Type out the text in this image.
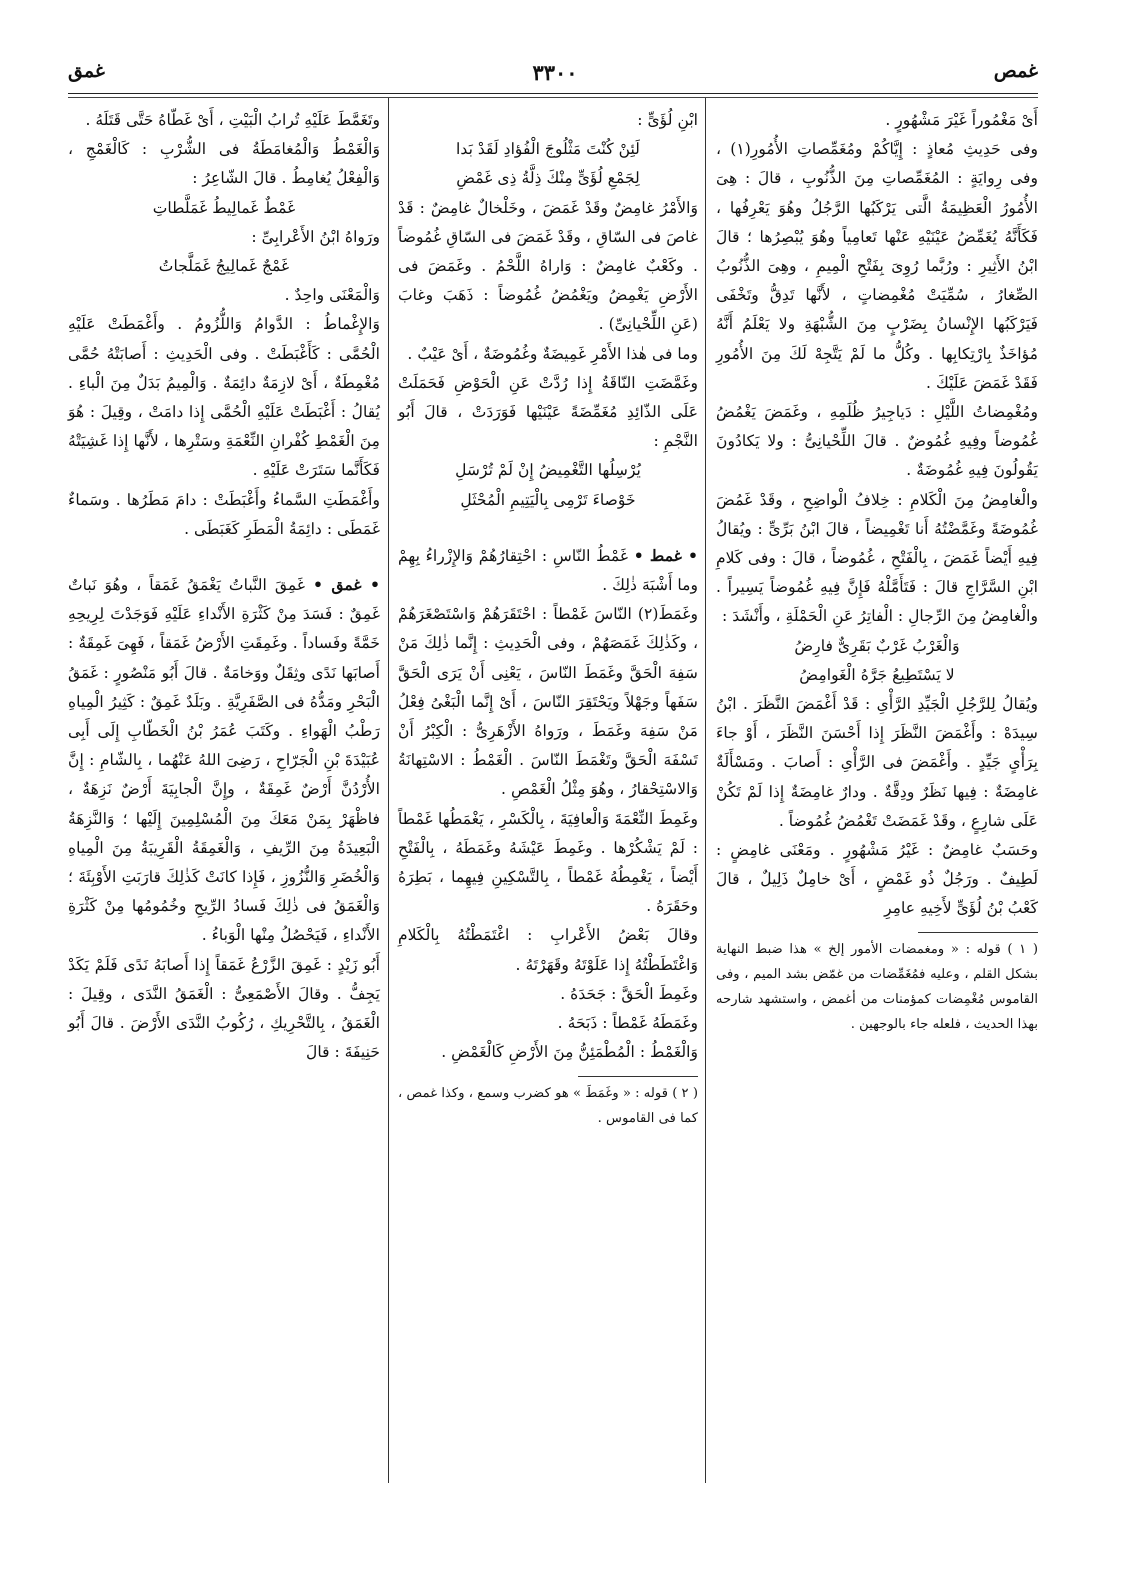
غمص
٣٣٠٠
غمق

أَىْ مَغْمُوراً غَيْرَ مَشْهُورٍ .

وفى حَدِيثِ مُعاذٍ : إِيَّاكُمْ ومُغَمِّصاتِ الأُمُورِ(١) ، وفى رِوايَةٍ : المُغَمِّصاتِ مِنَ الذُّنُوبِ ، قالَ : هِىَ الأُمُورُ الْعَظِيمَةُ الَّتى يَرْكَبُها الرَّجُلُ وهُوَ يَعْرِفُها ، فَكَأَنَّهُ يُغَمِّضُ عَيْنَيْهِ عَنْها تَعامِياً وهُوَ يُبْصِرُها ؛ قالَ ابْنُ الأَثِيرِ : ورُبَّما رُوِىَ بِفَتْحِ الْمِيمِ ، وهِىَ الذُّنُوبُ الصِّغارُ ، سُمِّيَتْ مُغْمِضاتٍ ، لأَنَّها تَدِقُّ وتَخْفَى فَيَرْكَبُها الإِنْسانُ بِضَرْبٍ مِنَ الشُّبْهَةِ ولا يَعْلَمُ أَنَّهُ مُؤاخَذٌ بِارْتِكابِها . وكُلُّ ما لَمْ يَتَّجِهْ لَكَ مِنَ الأُمُورِ فَقَدْ غَمَضَ عَلَيْكَ .

ومُغْمِضاتُ اللَّيْلِ : دَياجِيرُ ظُلَمِهِ ، وغَمَضَ يَغْمُضُ غُمُوضاً وفِيهِ غُمُوضٌ . قالَ اللِّحْيانِىُّ : ولا يَكادُونَ يَقُولُونَ فِيهِ غُمُوضَةٌ .

والْغامِضُ مِنَ الْكَلامِ : خِلافُ الْواضِحِ ، وقَدْ غَمُضَ غُمُوضَةً وغَمَّضْتُهُ أَنا تَغْمِيضاً ، قالَ ابْنُ بَرِّىٍّ : ويُقالُ فِيهِ أَيْضاً غَمَضَ ، بِالْفَتْحِ ، غُمُوضاً ، قالَ : وفى كَلامِ ابْنِ السَّرَّاجِ قالَ : فَتَأَمَّلْهُ فَإِنَّ فِيهِ غُمُوضاً يَسِيراً . والْغامِضُ مِنَ الرِّجالِ : الْفاتِرُ عَنِ الْحَمْلَةِ ، وأَنْشَدَ :

وَالْغَرْبُ غَرْبٌ بَقَرِىٌّ فارِضُ

لا يَسْتَطِيعُ جَرَّهُ الْغَوامِضُ

ويُقالُ لِلرَّجُلِ الْجَيِّدِ الرَّأْىِ : قَدْ أَغْمَضَ النَّظَرَ . ابْنُ سِيدَهْ : وأَغْمَضَ النَّظَرَ إِذا أَحْسَنَ النَّظَرَ ، أَوْ جاءَ بِرَأْىٍ جَيِّدٍ . وأَغْمَضَ فى الرَّأْىِ : أَصابَ . ومَسْأَلَةٌ غامِضَةٌ : فِيها نَظَرٌ ودِقَّةٌ . ودارٌ غامِضَةٌ إِذا لَمْ تَكُنْ عَلَى شارِعٍ ، وقَدْ غَمَضَتْ تَغْمُضُ غُمُوضاً .

وحَسَبٌ غامِضٌ : غَيْرُ مَشْهُورٍ . ومَعْنَى غامِضٍ : لَطِيفٌ . ورَجُلٌ ذُو غَمْضٍ ، أَىْ خامِلٌ ذَلِيلٌ ، قالَ كَعْبُ بْنُ لُؤَىٍّ لأَخِيهِ عامِرِ

( ١ ) قوله : « ومغمضات الأمور إلخ » هذا ضبط النهاية بشكل القلم ، وعليه فمُغَمِّضات من غمّض بشد الميم ، وفى القاموس مُغْمِضات كمؤمنات من أغمض ، واستشهد شارحه بهذا الحديث ، فلعله جاء بالوجهين .

ابْنِ لُؤَىٍّ :

لَئِنْ كُنْتَ مَثْلُوجَ الْفُؤادِ لَقَدْ بَدا

لِجَمْعِ لُؤَىٍّ مِنْكَ ذِلَّةُ ذِى غَمْضِ

وَالأَمْرُ غامِضٌ وقَدْ غَمَضَ ، وخَلْخالٌ غامِضٌ : قَدْ غاصَ فى السّاقِ ، وقَدْ غَمَضَ فى السّاقِ غُمُوضاً . وكَعْبٌ غامِضٌ : وَاراهُ اللَّحْمُ . وغَمَضَ فى الأَرْضِ يَغْمِضُ ويَغْمُضُ غُمُوضاً : ذَهَبَ وغابَ (عَنِ اللِّحْيانِىِّ) .

وما فى هٰذا الأَمْرِ غَمِيضَةٌ وغُمُوضَةٌ ، أَىْ عَيْبٌ .

وغَمَّضَتِ النّاقَةُ إِذا رُدَّتْ عَنِ الْحَوْضِ فَحَمَلَتْ عَلَى الذّائِدِ مُغَمِّضَةً عَيْنَيْها فَوَرَدَتْ ، قالَ أَبُو النَّجْمِ :

يُرْسِلُها التَّغْمِيضُ إِنْ لَمْ تُرْسَلِ

خَوْصاءَ تَرْمِى بِالْيَتِيمِ الْمُحْثَلِ

• غمط • غَمْطُ النّاسِ : احْتِقارُهُمْ وَالإِزْراءُ بِهِمْ وما أَشْبَهَ ذٰلِكَ .

وغَمَطَ(٢) النّاسَ غَمْطاً : احْتَقَرَهُمْ وَاسْتَصْغَرَهُمْ ، وكَذٰلِكَ غَمَصَهُمْ ، وفى الْحَدِيثِ : إِنَّما ذٰلِكَ مَنْ سَفِهَ الْحَقَّ وغَمَطَ النّاسَ ، يَعْنِى أَنْ يَرَى الْحَقَّ سَفَهاً وجَهْلاً ويَحْتَقِرَ النّاسَ ، أَىْ إِنَّما الْبَغْىُ فِعْلُ مَنْ سَفِهَ وغَمَطَ ، ورَواهُ الأَزْهَرِىُّ : الْكِبْرُ أَنْ تَسْفَهَ الْحَقَّ وتَغْمَطَ النّاسَ . الْغَمْطُ : الاسْتِهانَةُ وَالاسْتِحْقارُ ، وهُوَ مِثْلُ الْغَمْصِ .

وغَمِطَ النِّعْمَةَ وَالْعافِيَةَ ، بِالْكَسْرِ ، يَغْمَطُها غَمْطاً : لَمْ يَشْكُرْها . وغَمِطَ عَيْشَهُ وغَمَطَهُ ، بِالْفَتْحِ أَيْضاً ، يَغْمِطُهُ غَمْطاً ، بِالتَّسْكِينِ فِيهِما ، بَطِرَهُ وحَقَرَهُ .

وقالَ بَعْضُ الأَعْرابِ : اغْتَمَطْتُهُ بِالْكَلامِ وَاغْتَطَطْتُهُ إِذا عَلَوْتَهُ وقَهَرْتَهُ .

وغَمِطَ الْحَقَّ : جَحَدَهُ .

وغَمَطَهُ غَمْطاً : ذَبَحَهُ .

وَالْغَمْطُ : الْمُطْمَئِنُّ مِنَ الأَرْضِ كَالْغَمْضِ .

( ٢ ) قوله : « وغَمَطَ » هو كضرب وسمع ، وكذا غمص ، كما فى القاموس .

وتَغَمَّطَ عَلَيْهِ تُرابُ الْبَيْتِ ، أَىْ غَطّاهُ حَتَّى قَتَلَهُ .

وَالْغَمْطُ وَالْمُغامَطَةُ فى الشُّرْبِ : كَالْغَمْجِ ، وَالْفِعْلُ يُغامِطُ . قالَ الشّاعِرُ :

غَمْطٌ غَمالِيطُ غَمَلَّطاتِ

ورَواهُ ابْنُ الأَعْرابِىِّ :

غَمْجٌ غَمالِيجُ غَمَلَّجاتُ

وَالْمَعْنَى واحِدٌ .

وَالإِغْماطُ : الدَّوامُ وَاللُّزُومُ . وأَغْمَطَتْ عَلَيْهِ الْحُمَّى : كَأَغْبَطَتْ . وفى الْحَدِيثِ : أَصابَتْهُ حُمَّى مُغْمِطَةٌ ، أَىْ لازِمَةٌ دائِمَةٌ . وَالْمِيمُ بَدَلٌ مِنَ الْباءِ . يُقالُ : أَغْبَطَتْ عَلَيْهِ الْحُمَّى إِذا دامَتْ ، وقِيلَ : هُوَ مِنَ الْغَمْطِ كُفْرانِ النِّعْمَةِ وسَتْرِها ، لأَنَّها إِذا غَشِيَتْهُ فَكَأَنَّما سَتَرَتْ عَلَيْهِ .

وأَغْمَطَتِ السَّماءُ وأَغْبَطَتْ : دامَ مَطَرُها . وسَماءٌ غَمَطَى : دائِمَةُ الْمَطَرِ كَغَبَطَى .

• غمق • غَمِقَ النَّباتُ يَغْمَقُ غَمَقاً ، وهُوَ نَباتٌ غَمِقٌ : فَسَدَ مِنْ كَثْرَةِ الأَنْداءِ عَلَيْهِ فَوَجَدْتَ لِرِيحِهِ خَمَّةً وفَساداً . وغَمِقَتِ الأَرْضُ غَمَقاً ، فَهِىَ غَمِقَةٌ : أَصابَها نَدًى وثِقَلٌ ووَخامَةٌ . قالَ أَبُو مَنْصُورٍ : غَمَقُ الْبَحْرِ ومَدُّهُ فى الصَّفَرِيَّةِ . وبَلَدٌ غَمِقٌ : كَثِيرُ الْمِياهِ رَطْبُ الْهَواءِ . وكَتَبَ عُمَرُ بْنُ الْخَطّابِ إِلَى أَبِى عُبَيْدَةَ بْنِ الْجَرّاحِ ، رَضِىَ اللهُ عَنْهُما ، بِالشّامِ : إِنَّ الأُرْدُنَّ أَرْضٌ غَمِقَةٌ ، وإِنَّ الْجابِيَةَ أَرْضٌ نَزِهَةٌ ، فاظْهَرْ بِمَنْ مَعَكَ مِنَ الْمُسْلِمِينَ إِلَيْها ؛ وَالنَّزِهَةُ الْبَعِيدَةُ مِنَ الرِّيفِ ، وَالْغَمِقَةُ الْقَرِيبَةُ مِنَ الْمِياهِ وَالْخُضَرِ وَالنُّزُوزِ ، فَإِذا كانَتْ كَذٰلِكَ قارَبَتِ الأَوْبِئَةَ ؛ وَالْغَمَقُ فى ذٰلِكَ فَسادُ الرِّيحِ وخُمُومُها مِنْ كَثْرَةِ الأَنْداءِ ، فَيَحْصُلُ مِنْها الْوَباءُ .

أَبُو زَيْدٍ : غَمِقَ الزَّرْعُ غَمَقاً إِذا أَصابَهُ نَدًى فَلَمْ يَكَدْ يَجِفُّ . وقالَ الأَصْمَعِىُّ : الْغَمَقُ النَّدَى ، وقِيلَ : الْغَمَقُ ، بِالتَّحْرِيكِ ، رُكُوبُ النَّدَى الأَرْضَ . قالَ أَبُو حَنِيفَةَ : قالَ
